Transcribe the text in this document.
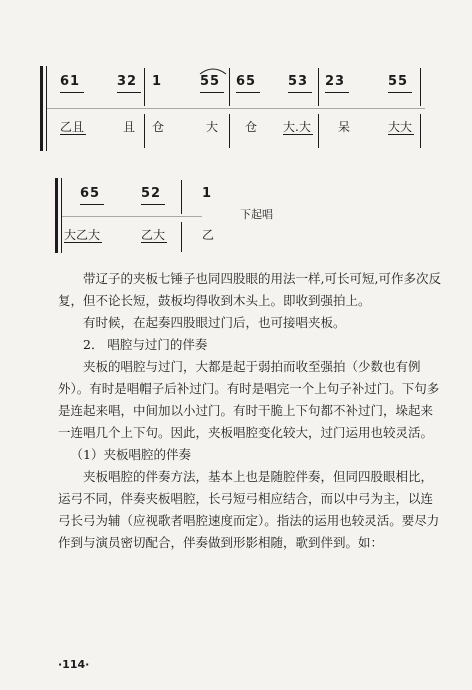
61	32 1	55 65 53 23	55
乙且	且 仓	大 仓 大.大 呆	大大
65	52	1
下起唱
大乙大	乙大	乙

带辽子的夹板七锤子也同四股眼的用法一样,可长可短,可作多次反复，但不论长短，鼓板均得收到木头上。即收到强拍上。

有时候，在起奏四股眼过门后，也可接唱夹板。

2． 唱腔与过门的伴奏

夹板的唱腔与过门，大都是起于弱拍而收至强拍（少数也有例外）。有时是唱帽子后补过门。有时是唱完一个上句子补过门。下句多是连起来唱，中间加以小过门。有时干脆上下句都不补过门，垛起来一连唱几个上下句。因此，夹板唱腔变化较大，过门运用也较灵活。

（1）夹板唱腔的伴奏

夹板唱腔的伴奏方法，基本上也是随腔伴奏，但同四股眼相比，运弓不同，伴奏夹板唱腔，长弓短弓相应结合，而以中弓为主，以连弓长弓为辅（应视歌者唱腔速度而定）。指法的运用也较灵活。要尽力作到与演员密切配合，伴奏做到形影相随，歌到伴到。如：

·114·
